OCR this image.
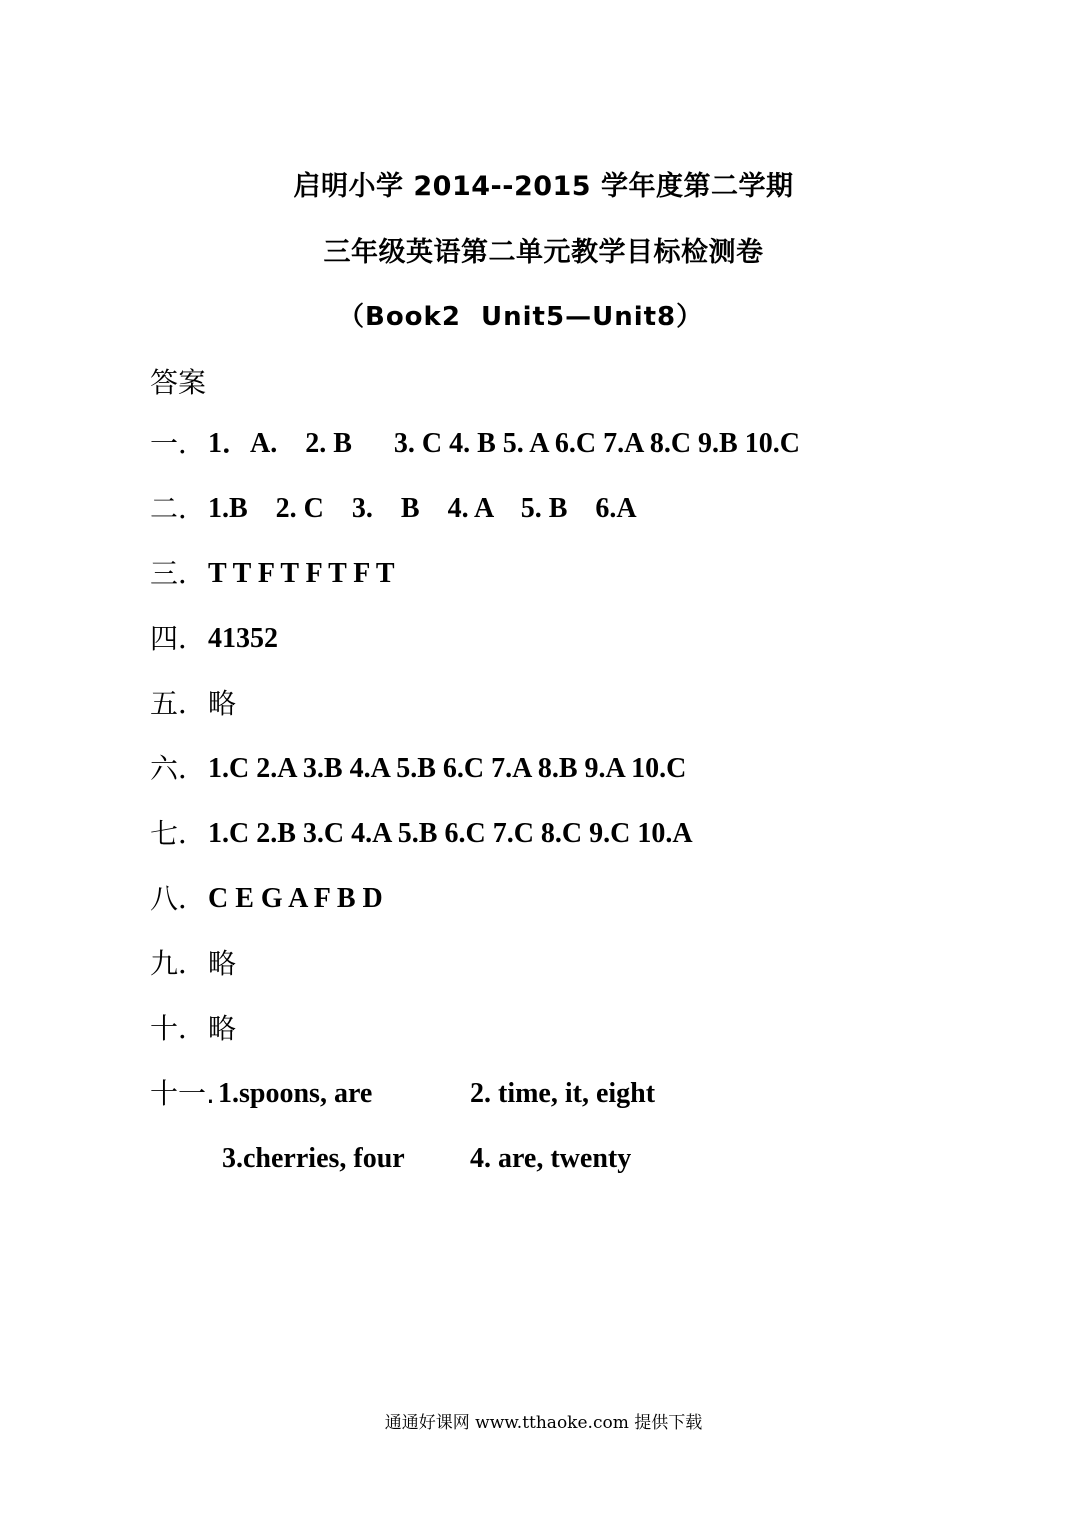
启明小学 2014--2015 学年度第二学期
三年级英语第二单元教学目标检测卷
（Book2  Unit5—Unit8）
答案
一．1．A.    2. B      3. C 4. B 5. A 6.C 7.A 8.C 9.B 10.C
二．1.B    2. C    3.    B    4. A    5. B    6.A
三．T T F T F T F T
四．41352
五．略
六．1.C 2.A 3.B 4.A 5.B 6.C 7.A 8.B 9.A 10.C
七．1.C 2.B 3.C 4.A 5.B 6.C 7.C 8.C 9.C 10.A
八．C E G A F B D
九．略
十．略
十一. 1.spoons, are	2. time, it, eight
3.cherries, four 4. are, twenty
通通好课网 www.tthaoke.com 提供下载
